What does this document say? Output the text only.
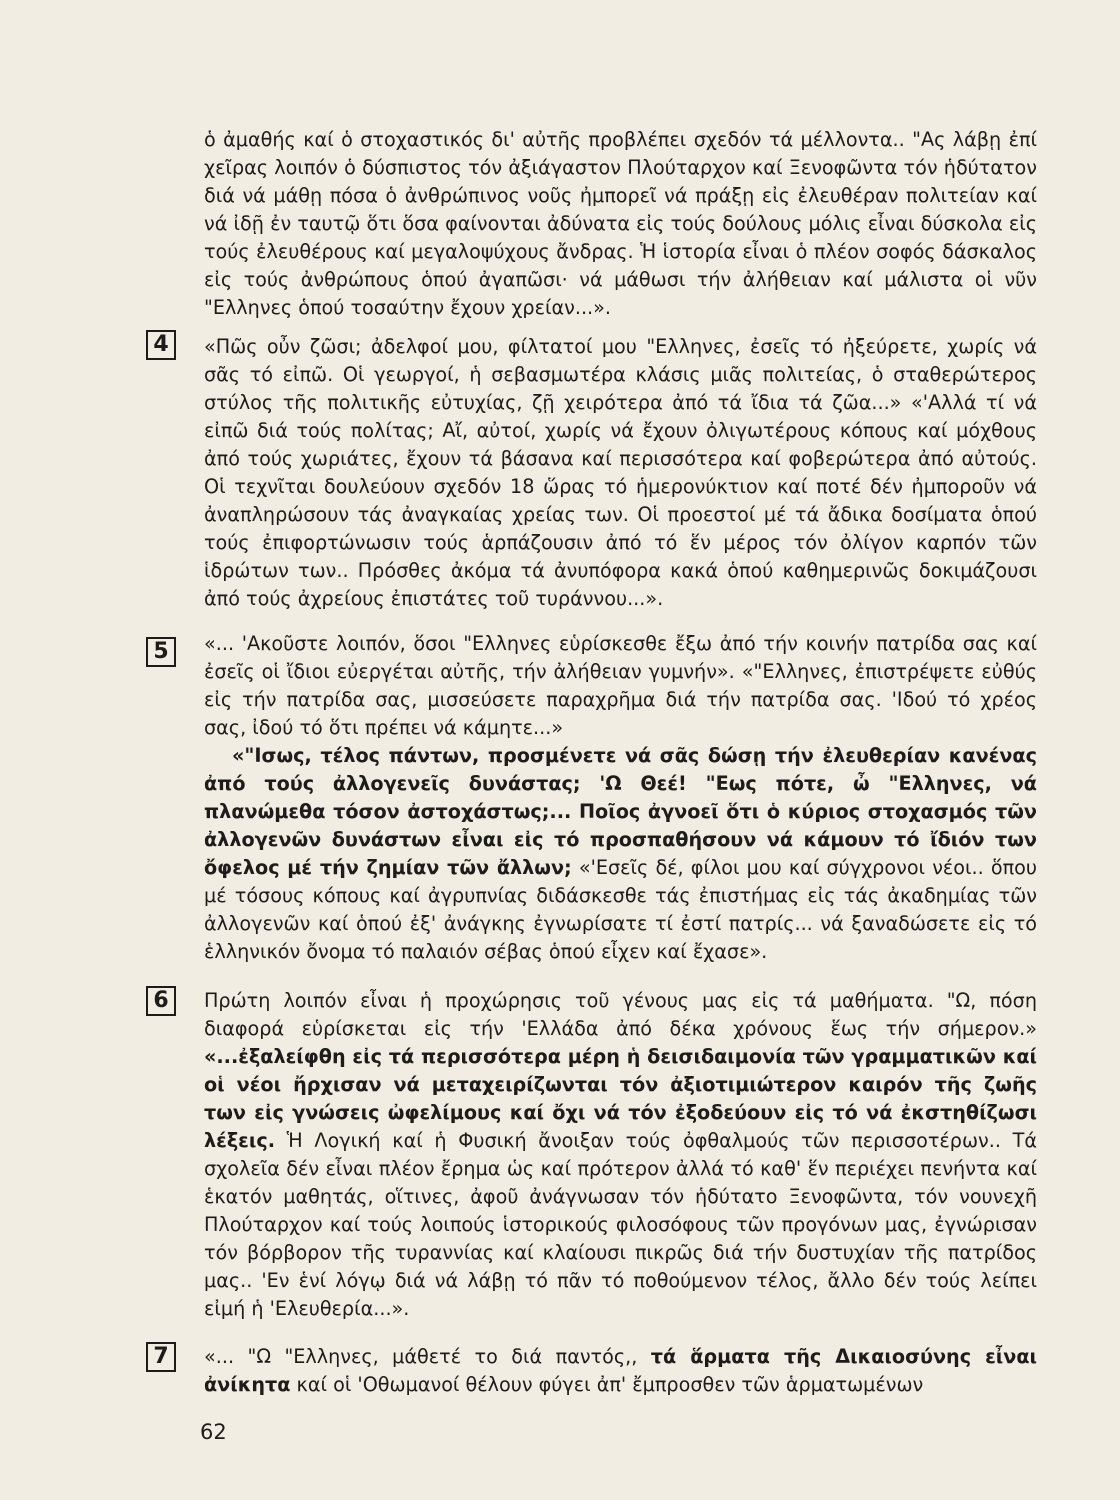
ὁ ἀμαθής καί ὁ στοχαστικός δι' αὐτῆς προβλέπει σχεδόν τά μέλλοντα.. "Ας λάβῃ ἐπί χεῖρας λοιπόν ὁ δύσπιστος τόν ἀξιάγαστον Πλούταρχον καί Ξενοφῶντα τόν ἡδύτατον διά νά μάθῃ πόσα ὁ ἀνθρώπινος νοῦς ἠμπορεῖ νά πράξῃ εἰς ἐλευθέραν πολιτείαν καί νά ἰδῇ ἐν ταυτῷ ὅτι ὅσα φαίνονται ἀδύνατα εἰς τούς δούλους μόλις εἶναι δύσκολα εἰς τούς ἐλευθέρους καί μεγαλοψύχους ἄνδρας. Ἡ ἱστορία εἶναι ὁ πλέον σοφός δάσκαλος εἰς τούς ἀνθρώπους ὁπού ἀγαπῶσι· νά μάθωσι τήν ἀλήθειαν καί μάλιστα οἱ νῦν "Ελληνες ὁπού τοσαύτην ἔχουν χρείαν...».

4	«Πῶς οὖν ζῶσι; ἀδελφοί μου, φίλτατοί μου "Ελληνες, ἐσεῖς τό ἠξεύρετε, χωρίς νά σᾶς τό εἰπῶ. Οἱ γεωργοί, ἡ σεβασμωτέρα κλάσις μιᾶς πολιτείας, ὁ σταθερώτερος στύλος τῆς πολιτικῆς εὐτυχίας, ζῇ χειρότερα ἀπό τά ἴδια τά ζῶα...» «'Αλλά τί νά εἰπῶ διά τούς πολίτας; Αἴ, αὐτοί, χωρίς νά ἔχουν ὀλιγωτέρους κόπους καί μόχθους ἀπό τούς χωριάτες, ἔχουν τά βάσανα καί περισσότερα καί φοβερώτερα ἀπό αὐτούς. Οἱ τεχνῖται δουλεύουν σχεδόν 18 ὥρας τό ἡμερονύκτιον καί ποτέ δέν ἠμποροῦν νά ἀναπληρώσουν τάς ἀναγκαίας χρείας των. Οἱ προεστοί μέ τά ἄδικα δοσίματα ὁπού τούς ἐπιφορτώνωσιν τούς ἁρπάζουσιν ἀπό τό ἕν μέρος τόν ὀλίγον καρπόν τῶν ἱδρώτων των.. Πρόσθες ἀκόμα τά ἀνυπόφορα κακά ὁπού καθημερινῶς δοκιμάζουσι ἀπό τούς ἀχρείους ἐπιστάτες τοῦ τυράννου...».

5	«... 'Ακοῦστε λοιπόν, ὅσοι "Ελληνες εὑρίσκεσθε ἔξω ἀπό τήν κοινήν πατρίδα σας καί ἐσεῖς οἱ ἴδιοι εὐεργέται αὐτῆς, τήν ἀλήθειαν γυμνήν». «"Ελληνες, ἐπιστρέψετε εὐθύς εἰς τήν πατρίδα σας, μισσεύσετε παραχρῆμα διά τήν πατρίδα σας. 'Ιδού τό χρέος σας, ἰδού τό ὅτι πρέπει νά κάμητε...»

«"Ισως, τέλος πάντων, προσμένετε νά σᾶς δώσῃ τήν ἐλευθερίαν κανένας ἀπό τούς ἀλλογενεῖς δυνάστας; 'Ω Θεέ! "Εως πότε, ὦ "Ελληνες, νά πλανώμεθα τόσον ἀστοχάστως;... Ποῖος ἀγνοεῖ ὅτι ὁ κύριος στοχασμός τῶν ἀλλογενῶν δυνάστων εἶναι εἰς τό προσπαθήσουν νά κάμουν τό ἴδιόν των ὄφελος μέ τήν ζημίαν τῶν ἄλλων; «'Εσεῖς δέ, φίλοι μου καί σύγχρονοι νέοι.. ὅπου μέ τόσους κόπους καί ἀγρυπνίας διδάσκεσθε τάς ἐπιστήμας εἰς τάς ἀκαδημίας τῶν ἀλλογενῶν καί ὁπού ἐξ' ἀνάγκης ἐγνωρίσατε τί ἐστί πατρίς... νά ξαναδώσετε εἰς τό ἑλληνικόν ὄνομα τό παλαιόν σέβας ὁπού εἶχεν καί ἔχασε».

6	Πρώτη λοιπόν εἶναι ἡ προχώρησις τοῦ γένους μας εἰς τά μαθήματα. "Ω, πόση διαφορά εὑρίσκεται εἰς τήν 'Ελλάδα ἀπό δέκα χρόνους ἕως τήν σήμερον.» «...ἐξαλείφθη εἰς τά περισσότερα μέρη ἡ δεισιδαιμονία τῶν γραμματικῶν καί οἱ νέοι ἤρχισαν νά μεταχειρίζωνται τόν ἀξιοτιμιώτερον καιρόν τῆς ζωῆς των εἰς γνώσεις ὠφελίμους καί ὄχι νά τόν ἐξοδεύουν εἰς τό νά ἐκστηθίζωσι λέξεις. Ἡ Λογική καί ἡ Φυσική ἄνοιξαν τούς ὀφθαλμούς τῶν περισσοτέρων.. Τά σχολεῖα δέν εἶναι πλέον ἔρημα ὡς καί πρότερον ἀλλά τό καθ' ἕν περιέχει πενήντα καί ἑκατόν μαθητάς, οἵτινες, ἀφοῦ ἀνάγνωσαν τόν ἡδύτατο Ξενοφῶντα, τόν νουνεχῆ Πλούταρχον καί τούς λοιπούς ἱστορικούς φιλοσόφους τῶν προγόνων μας, ἐγνώρισαν τόν βόρβορον τῆς τυραννίας καί κλαίουσι πικρῶς διά τήν δυστυχίαν τῆς πατρίδος μας.. 'Εν ἑνί λόγῳ διά νά λάβῃ τό πᾶν τό ποθούμενον τέλος, ἄλλο δέν τούς λείπει εἰμή ἡ 'Ελευθερία...».

7	«... "Ω "Ελληνες, μάθετέ το διά παντός,, τά ἅρματα τῆς Δικαιοσύνης εἶναι ἀνίκητα καί οἱ 'Οθωμανοί θέλουν φύγει ἀπ' ἔμπροσθεν τῶν ἁρματωμένων

62
